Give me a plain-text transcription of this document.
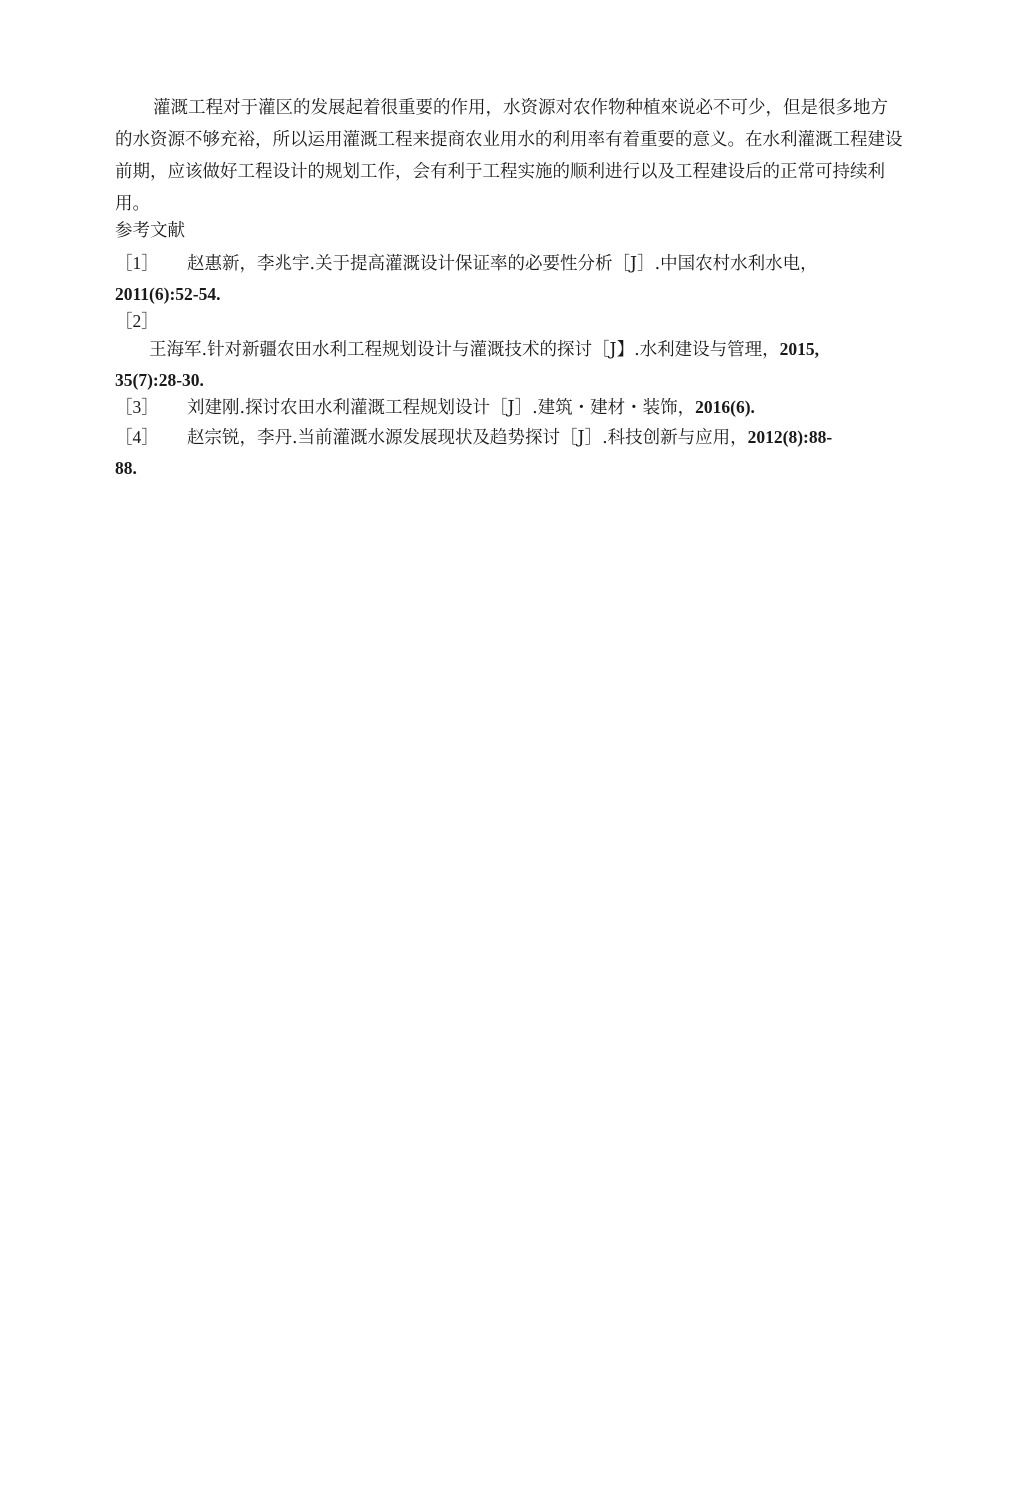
灌溉工程对于灌区的发展起着很重要的作用，水资源对农作物种植來说必不可少，但是很多地方的水资源不够充裕，所以运用灌溉工程来提商农业用水的利用率有着重要的意义。在水利灌溉工程建设前期，应该做好工程设计的规划工作，会有利于工程实施的顺利进行以及工程建设后的正常可持续利用。

参考文献

［1］ 赵惠新，李兆宇.关于提高灌溉设计保证率的必要性分析［J］.中国农村水利水电，
2011(6):52-54.
［2］
王海军.针对新疆农田水利工程规划设计与灌溉技术的探讨［J】.水利建设与管理，2015,
35(7):28-30.
［3］ 刘建刚.探讨农田水利灌溉工程规划设计［J］.建筑・建材・装饰，2016(6).
［4］ 赵宗锐，李丹.当前灌溉水源发展现状及趋势探讨［J］.科技创新与应用，2012(8):88-
88.
